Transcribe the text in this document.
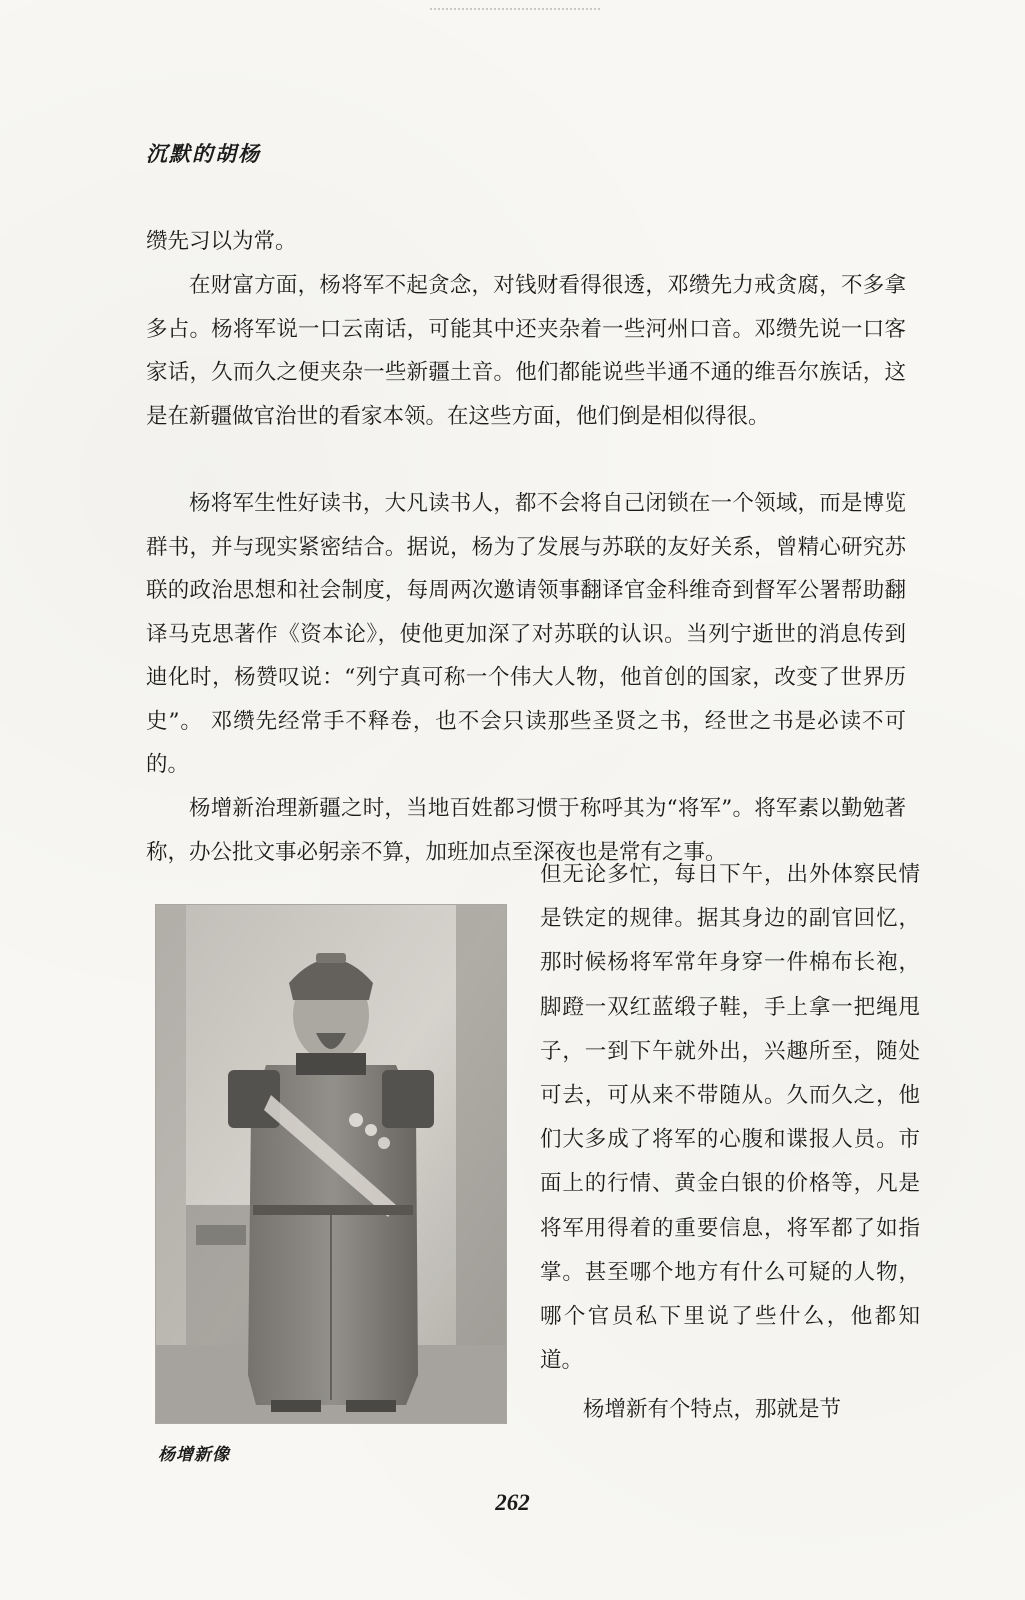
沉默的胡杨

缵先习以为常。

在财富方面，杨将军不起贪念，对钱财看得很透，邓缵先力戒贪腐，不多拿多占。杨将军说一口云南话，可能其中还夹杂着一些河州口音。邓缵先说一口客家话，久而久之便夹杂一些新疆土音。他们都能说些半通不通的维吾尔族话，这是在新疆做官治世的看家本领。在这些方面，他们倒是相似得很。

杨将军生性好读书，大凡读书人，都不会将自己闭锁在一个领域，而是博览群书，并与现实紧密结合。据说，杨为了发展与苏联的友好关系，曾精心研究苏联的政治思想和社会制度，每周两次邀请领事翻译官金科维奇到督军公署帮助翻译马克思著作《资本论》，使他更加深了对苏联的认识。当列宁逝世的消息传到迪化时，杨赞叹说：“列宁真可称一个伟大人物，他首创的国家，改变了世界历史”。 邓缵先经常手不释卷，也不会只读那些圣贤之书，经世之书是必读不可的。

杨增新治理新疆之时，当地百姓都习惯于称呼其为“将军”。将军素以勤勉著称，办公批文事必躬亲不算，加班加点至深夜也是常有之事。

但无论多忙，每日下午，出外体察民情是铁定的规律。据其身边的副官回忆，那时候杨将军常年身穿一件棉布长袍，脚蹬一双红蓝缎子鞋，手上拿一把绳甩子，一到下午就外出，兴趣所至，随处可去，可从来不带随从。久而久之，他们大多成了将军的心腹和谍报人员。市面上的行情、黄金白银的价格等，凡是将军用得着的重要信息，将军都了如指掌。甚至哪个地方有什么可疑的人物，哪个官员私下里说了些什么，他都知道。

杨增新有个特点，那就是节

杨增新像
262
